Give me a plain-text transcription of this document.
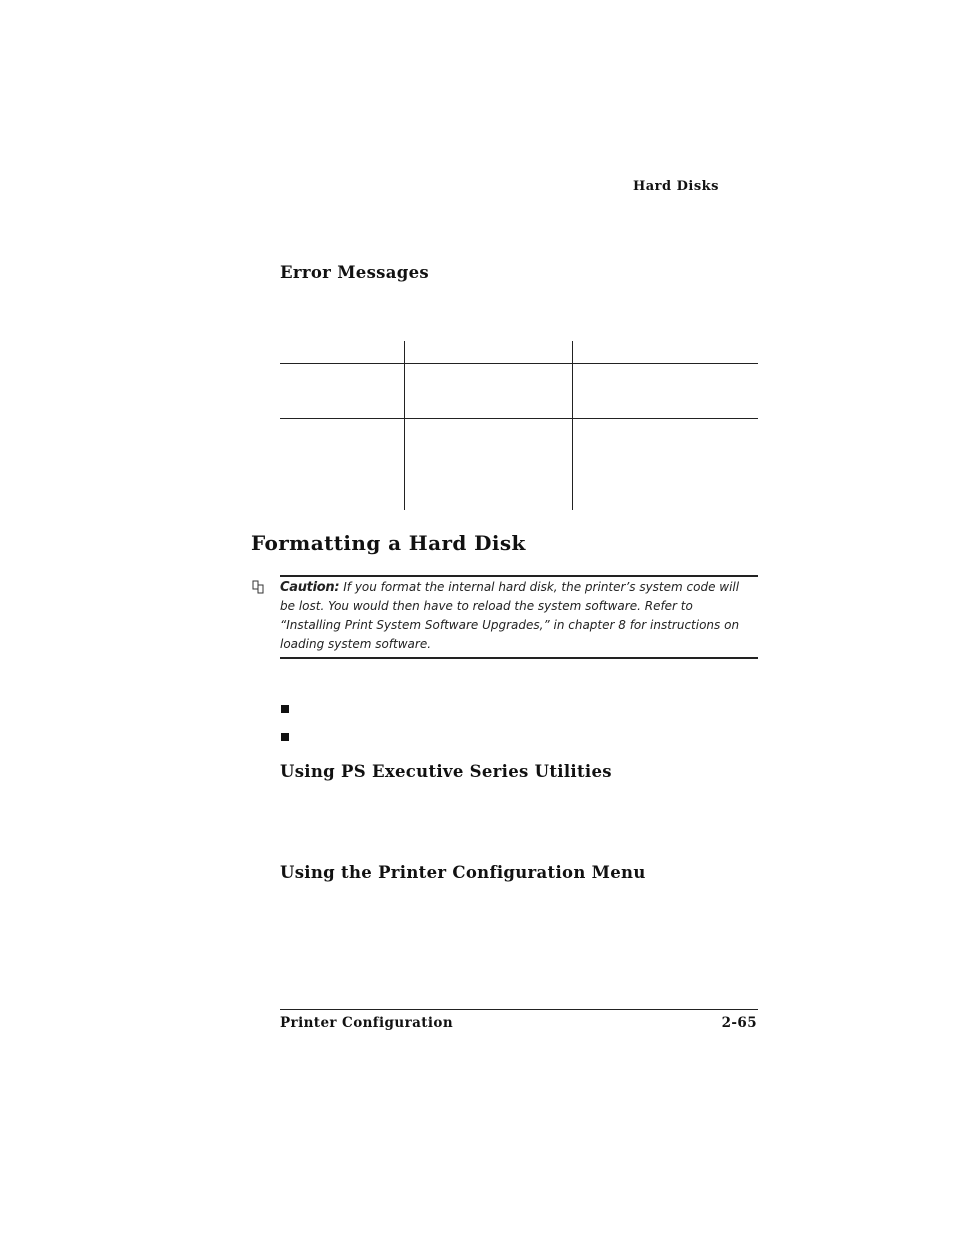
Hard Disks
Error Messages
Formatting a Hard Disk
Caution: If you format the internal hard disk, the printer’s system code will be lost. You would then have to reload the system software. Refer to “Installing Print System Software Upgrades,” in chapter 8 for instructions on loading system software.
Using PS Executive Series Utilities
Using the Printer Configuration Menu
Printer Configuration	2-65
